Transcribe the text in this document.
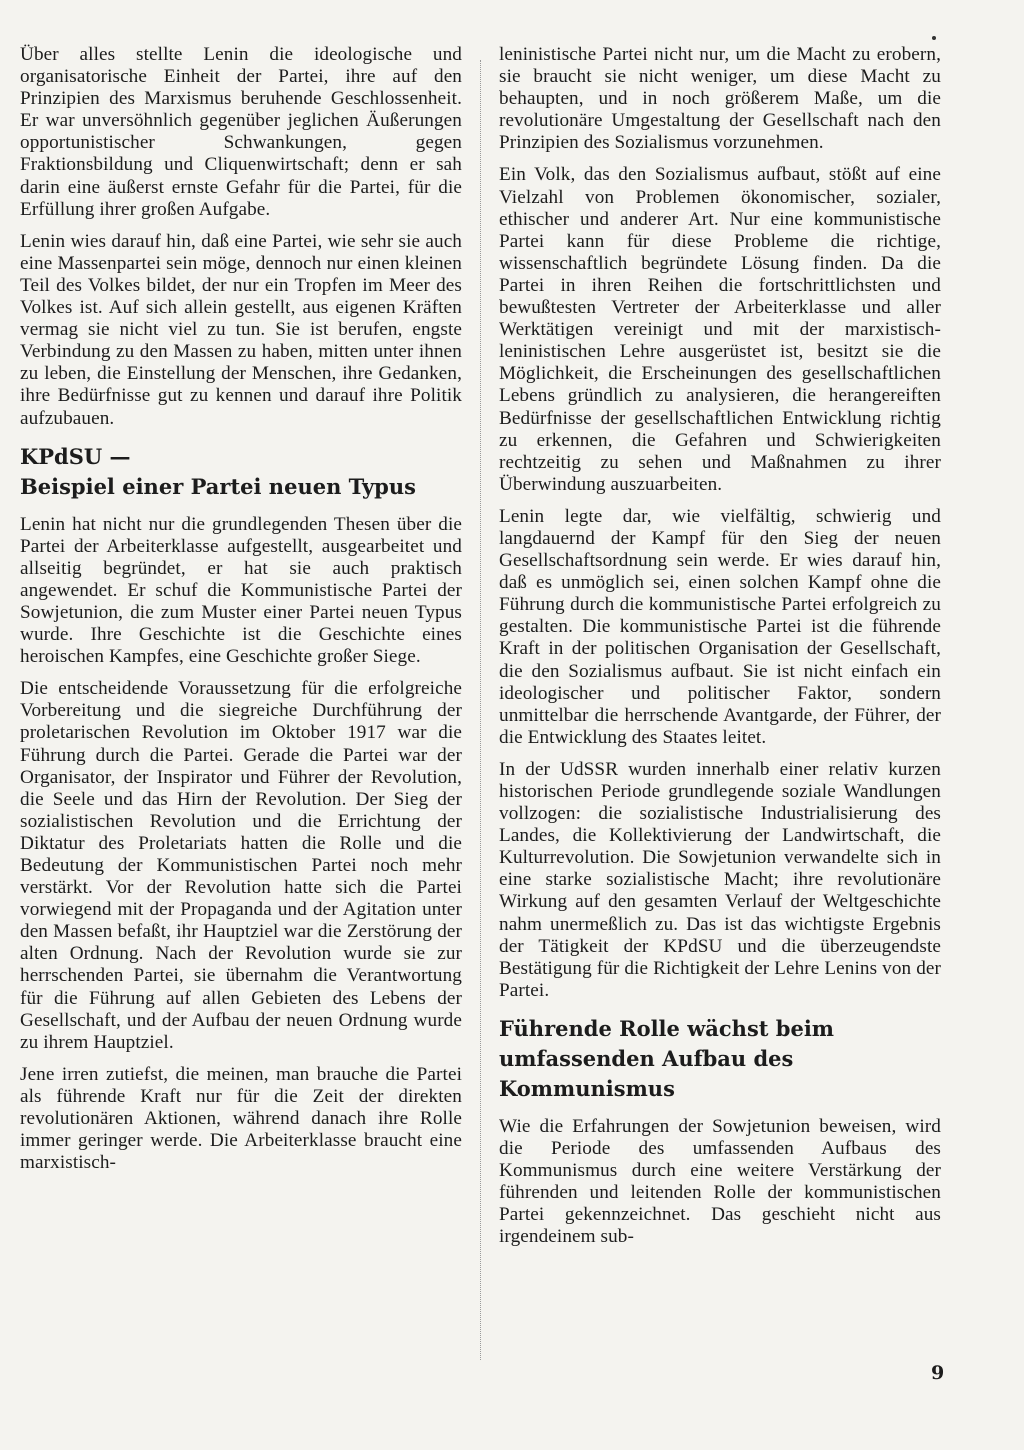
Über alles stellte Lenin die ideologische und organisatorische Einheit der Partei, ihre auf den Prinzipien des Marxismus beruhende Geschlossenheit. Er war unversöhnlich gegenüber jeglichen Äußerungen opportunistischer Schwankungen, gegen Fraktionsbildung und Cliquenwirtschaft; denn er sah darin eine äußerst ernste Gefahr für die Partei, für die Erfüllung ihrer großen Aufgabe.

Lenin wies darauf hin, daß eine Partei, wie sehr sie auch eine Massenpartei sein möge, dennoch nur einen kleinen Teil des Volkes bildet, der nur ein Tropfen im Meer des Volkes ist. Auf sich allein gestellt, aus eigenen Kräften vermag sie nicht viel zu tun. Sie ist berufen, engste Verbindung zu den Massen zu haben, mitten unter ihnen zu leben, die Einstellung der Menschen, ihre Gedanken, ihre Bedürfnisse gut zu kennen und darauf ihre Politik aufzubauen.

KPdSU —
Beispiel einer Partei neuen Typus

Lenin hat nicht nur die grundlegenden Thesen über die Partei der Arbeiterklasse aufgestellt, ausgearbeitet und allseitig begründet, er hat sie auch praktisch angewendet. Er schuf die Kommunistische Partei der Sowjetunion, die zum Muster einer Partei neuen Typus wurde. Ihre Geschichte ist die Geschichte eines heroischen Kampfes, eine Geschichte großer Siege.

Die entscheidende Voraussetzung für die erfolgreiche Vorbereitung und die siegreiche Durchführung der proletarischen Revolution im Oktober 1917 war die Führung durch die Partei. Gerade die Partei war der Organisator, der Inspirator und Führer der Revolution, die Seele und das Hirn der Revolution. Der Sieg der sozialistischen Revolution und die Errichtung der Diktatur des Proletariats hatten die Rolle und die Bedeutung der Kommunistischen Partei noch mehr verstärkt. Vor der Revolution hatte sich die Partei vorwiegend mit der Propaganda und der Agitation unter den Massen befaßt, ihr Hauptziel war die Zerstörung der alten Ordnung. Nach der Revolution wurde sie zur herrschenden Partei, sie übernahm die Verantwortung für die Führung auf allen Gebieten des Lebens der Gesellschaft, und der Aufbau der neuen Ordnung wurde zu ihrem Hauptziel.

Jene irren zutiefst, die meinen, man brauche die Partei als führende Kraft nur für die Zeit der direkten revolutionären Aktionen, während danach ihre Rolle immer geringer werde. Die Arbeiterklasse braucht eine marxistisch-

leninistische Partei nicht nur, um die Macht zu erobern, sie braucht sie nicht weniger, um diese Macht zu behaupten, und in noch größerem Maße, um die revolutionäre Umgestaltung der Gesellschaft nach den Prinzipien des Sozialismus vorzunehmen.

Ein Volk, das den Sozialismus aufbaut, stößt auf eine Vielzahl von Problemen ökonomischer, sozialer, ethischer und anderer Art. Nur eine kommunistische Partei kann für diese Probleme die richtige, wissenschaftlich begründete Lösung finden. Da die Partei in ihren Reihen die fortschrittlichsten und bewußtesten Vertreter der Arbeiterklasse und aller Werktätigen vereinigt und mit der marxistisch-leninistischen Lehre ausgerüstet ist, besitzt sie die Möglichkeit, die Erscheinungen des gesellschaftlichen Lebens gründlich zu analysieren, die herangereiften Bedürfnisse der gesellschaftlichen Entwicklung richtig zu erkennen, die Gefahren und Schwierigkeiten rechtzeitig zu sehen und Maßnahmen zu ihrer Überwindung auszuarbeiten.

Lenin legte dar, wie vielfältig, schwierig und langdauernd der Kampf für den Sieg der neuen Gesellschaftsordnung sein werde. Er wies darauf hin, daß es unmöglich sei, einen solchen Kampf ohne die Führung durch die kommunistische Partei erfolgreich zu gestalten. Die kommunistische Partei ist die führende Kraft in der politischen Organisation der Gesellschaft, die den Sozialismus aufbaut. Sie ist nicht einfach ein ideologischer und politischer Faktor, sondern unmittelbar die herrschende Avantgarde, der Führer, der die Entwicklung des Staates leitet.

In der UdSSR wurden innerhalb einer relativ kurzen historischen Periode grundlegende soziale Wandlungen vollzogen: die sozialistische Industrialisierung des Landes, die Kollektivierung der Landwirtschaft, die Kulturrevolution. Die Sowjetunion verwandelte sich in eine starke sozialistische Macht; ihre revolutionäre Wirkung auf den gesamten Verlauf der Weltgeschichte nahm unermeßlich zu. Das ist das wichtigste Ergebnis der Tätigkeit der KPdSU und die überzeugendste Bestätigung für die Richtigkeit der Lehre Lenins von der Partei.

Führende Rolle wächst beim
umfassenden Aufbau des Kommunismus

Wie die Erfahrungen der Sowjetunion beweisen, wird die Periode des umfassenden Aufbaus des Kommunismus durch eine weitere Verstärkung der führenden und leitenden Rolle der kommunistischen Partei gekennzeichnet. Das geschieht nicht aus irgendeinem sub-

9
